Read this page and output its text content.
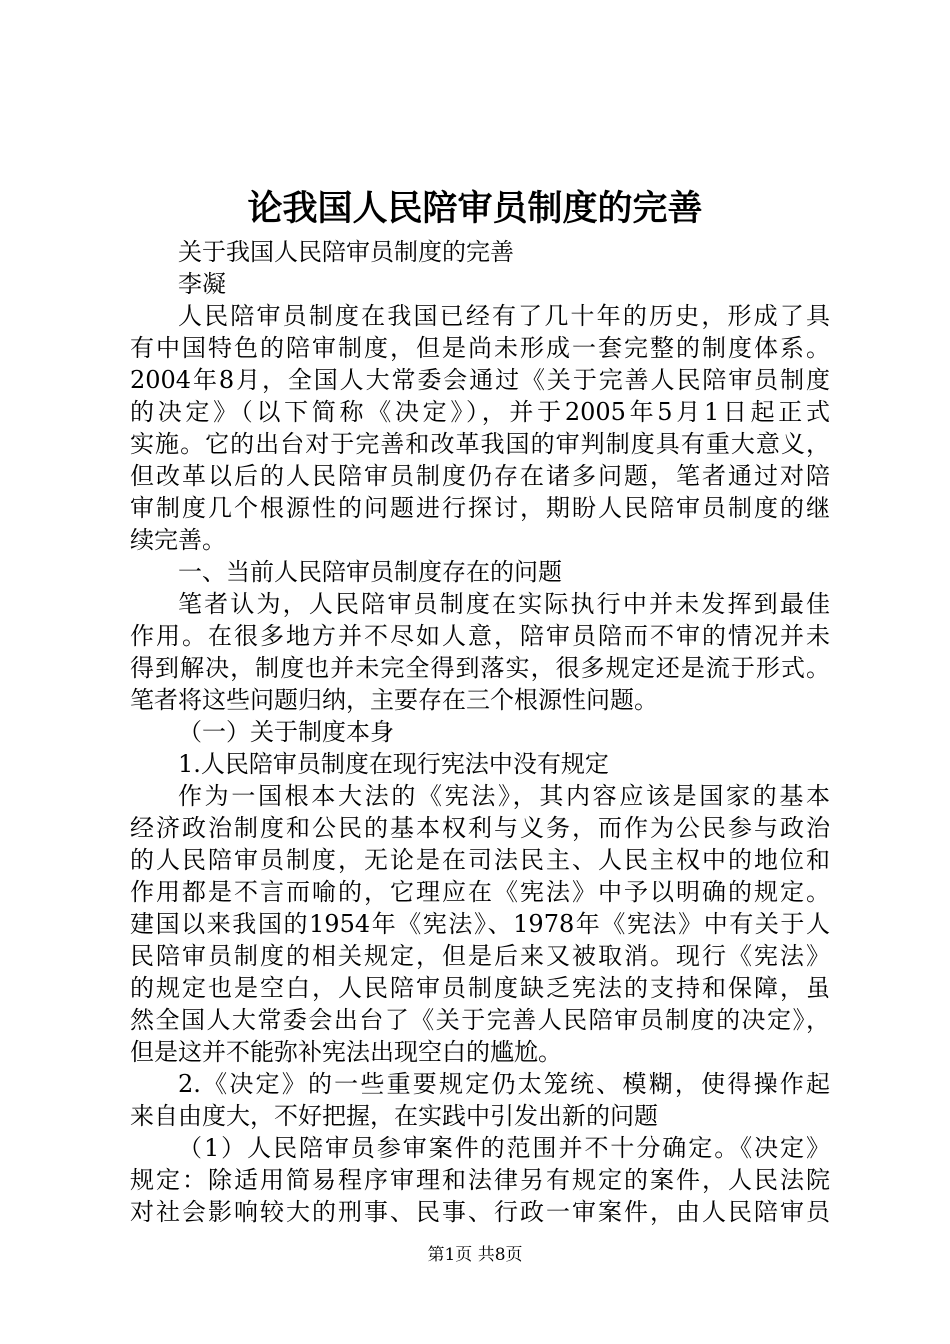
论我国人民陪审员制度的完善
关于我国人民陪审员制度的完善
李凝
人民陪审员制度在我国已经有了几十年的历史，形成了具
有中国特色的陪审制度，但是尚未形成一套完整的制度体系。
2004年8月，全国人大常委会通过《关于完善人民陪审员制度
的决定》（以下简称《决定》），并于2005年5月1日起正式
实施。它的出台对于完善和改革我国的审判制度具有重大意义，
但改革以后的人民陪审员制度仍存在诸多问题，笔者通过对陪
审制度几个根源性的问题进行探讨，期盼人民陪审员制度的继
续完善。
一、当前人民陪审员制度存在的问题
笔者认为，人民陪审员制度在实际执行中并未发挥到最佳
作用。在很多地方并不尽如人意，陪审员陪而不审的情况并未
得到解决，制度也并未完全得到落实，很多规定还是流于形式。
笔者将这些问题归纳，主要存在三个根源性问题。
（一）关于制度本身
1.人民陪审员制度在现行宪法中没有规定
作为一国根本大法的《宪法》，其内容应该是国家的基本
经济政治制度和公民的基本权利与义务，而作为公民参与政治
的人民陪审员制度，无论是在司法民主、人民主权中的地位和
作用都是不言而喻的，它理应在《宪法》中予以明确的规定。
建国以来我国的1954年《宪法》、1978年《宪法》中有关于人
民陪审员制度的相关规定，但是后来又被取消。现行《宪法》
的规定也是空白，人民陪审员制度缺乏宪法的支持和保障，虽
然全国人大常委会出台了《关于完善人民陪审员制度的决定》，
但是这并不能弥补宪法出现空白的尴尬。
2.《决定》的一些重要规定仍太笼统、模糊，使得操作起
来自由度大，不好把握，在实践中引发出新的问题
（1）人民陪审员参审案件的范围并不十分确定。《决定》
规定：除适用简易程序审理和法律另有规定的案件，人民法院
对社会影响较大的刑事、民事、行政一审案件，由人民陪审员
第1页 共8页
